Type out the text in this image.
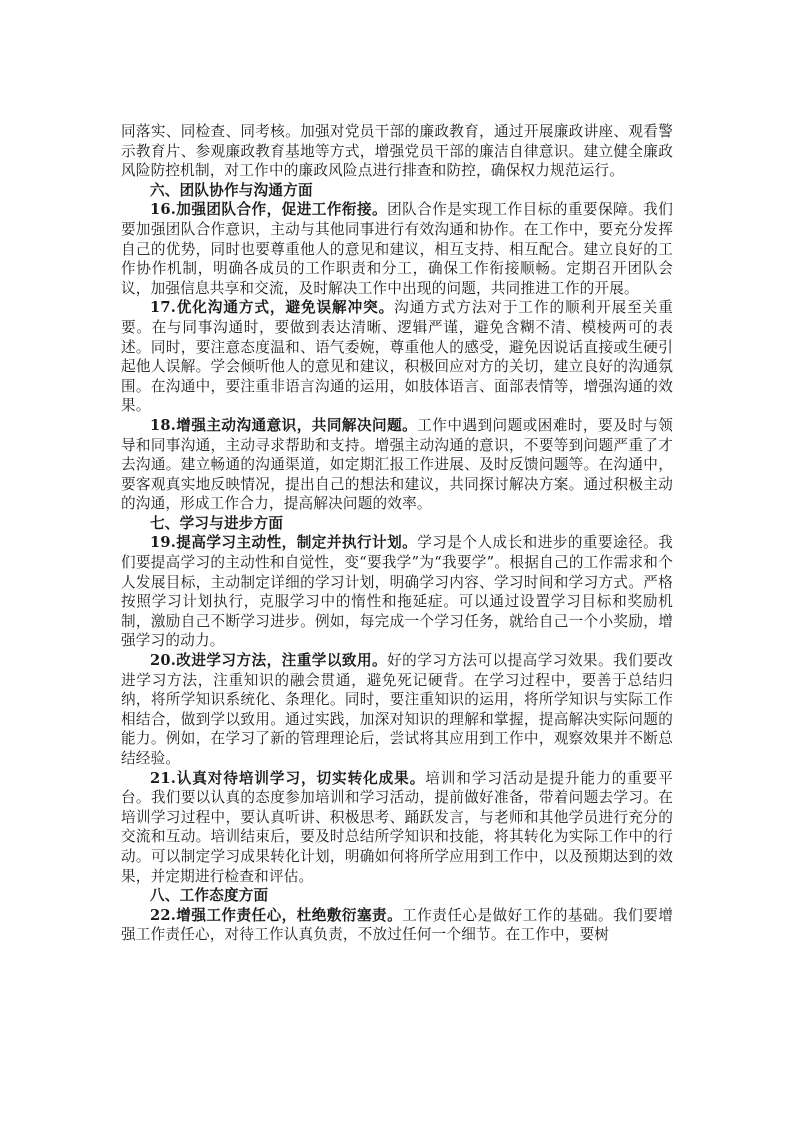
同落实、同检查、同考核。加强对党员干部的廉政教育，通过开展廉政讲座、观看警示教育片、参观廉政教育基地等方式，增强党员干部的廉洁自律意识。建立健全廉政风险防控机制，对工作中的廉政风险点进行排查和防控，确保权力规范运行。

六、团队协作与沟通方面

16.加强团队合作，促进工作衔接。团队合作是实现工作目标的重要保障。我们要加强团队合作意识，主动与其他同事进行有效沟通和协作。在工作中，要充分发挥自己的优势，同时也要尊重他人的意见和建议，相互支持、相互配合。建立良好的工作协作机制，明确各成员的工作职责和分工，确保工作衔接顺畅。定期召开团队会议，加强信息共享和交流，及时解决工作中出现的问题，共同推进工作的开展。

17.优化沟通方式，避免误解冲突。沟通方式方法对于工作的顺利开展至关重要。在与同事沟通时，要做到表达清晰、逻辑严谨，避免含糊不清、模棱两可的表述。同时，要注意态度温和、语气委婉，尊重他人的感受，避免因说话直接或生硬引起他人误解。学会倾听他人的意见和建议，积极回应对方的关切，建立良好的沟通氛围。在沟通中，要注重非语言沟通的运用，如肢体语言、面部表情等，增强沟通的效果。

18.增强主动沟通意识，共同解决问题。工作中遇到问题或困难时，要及时与领导和同事沟通，主动寻求帮助和支持。增强主动沟通的意识，不要等到问题严重了才去沟通。建立畅通的沟通渠道，如定期汇报工作进展、及时反馈问题等。在沟通中，要客观真实地反映情况，提出自己的想法和建议，共同探讨解决方案。通过积极主动的沟通，形成工作合力，提高解决问题的效率。

七、学习与进步方面

19.提高学习主动性，制定并执行计划。学习是个人成长和进步的重要途径。我们要提高学习的主动性和自觉性，变“要我学”为“我要学”。根据自己的工作需求和个人发展目标，主动制定详细的学习计划，明确学习内容、学习时间和学习方式。严格按照学习计划执行，克服学习中的惰性和拖延症。可以通过设置学习目标和奖励机制，激励自己不断学习进步。例如，每完成一个学习任务，就给自己一个小奖励，增强学习的动力。

20.改进学习方法，注重学以致用。好的学习方法可以提高学习效果。我们要改进学习方法，注重知识的融会贯通，避免死记硬背。在学习过程中，要善于总结归纳，将所学知识系统化、条理化。同时，要注重知识的运用，将所学知识与实际工作相结合，做到学以致用。通过实践，加深对知识的理解和掌握，提高解决实际问题的能力。例如，在学习了新的管理理论后，尝试将其应用到工作中，观察效果并不断总结经验。

21.认真对待培训学习，切实转化成果。培训和学习活动是提升能力的重要平台。我们要以认真的态度参加培训和学习活动，提前做好准备，带着问题去学习。在培训学习过程中，要认真听讲、积极思考、踊跃发言，与老师和其他学员进行充分的交流和互动。培训结束后，要及时总结所学知识和技能，将其转化为实际工作中的行动。可以制定学习成果转化计划，明确如何将所学应用到工作中，以及预期达到的效果，并定期进行检查和评估。

八、工作态度方面

22.增强工作责任心，杜绝敷衍塞责。工作责任心是做好工作的基础。我们要增强工作责任心，对待工作认真负责，不放过任何一个细节。在工作中，要树
